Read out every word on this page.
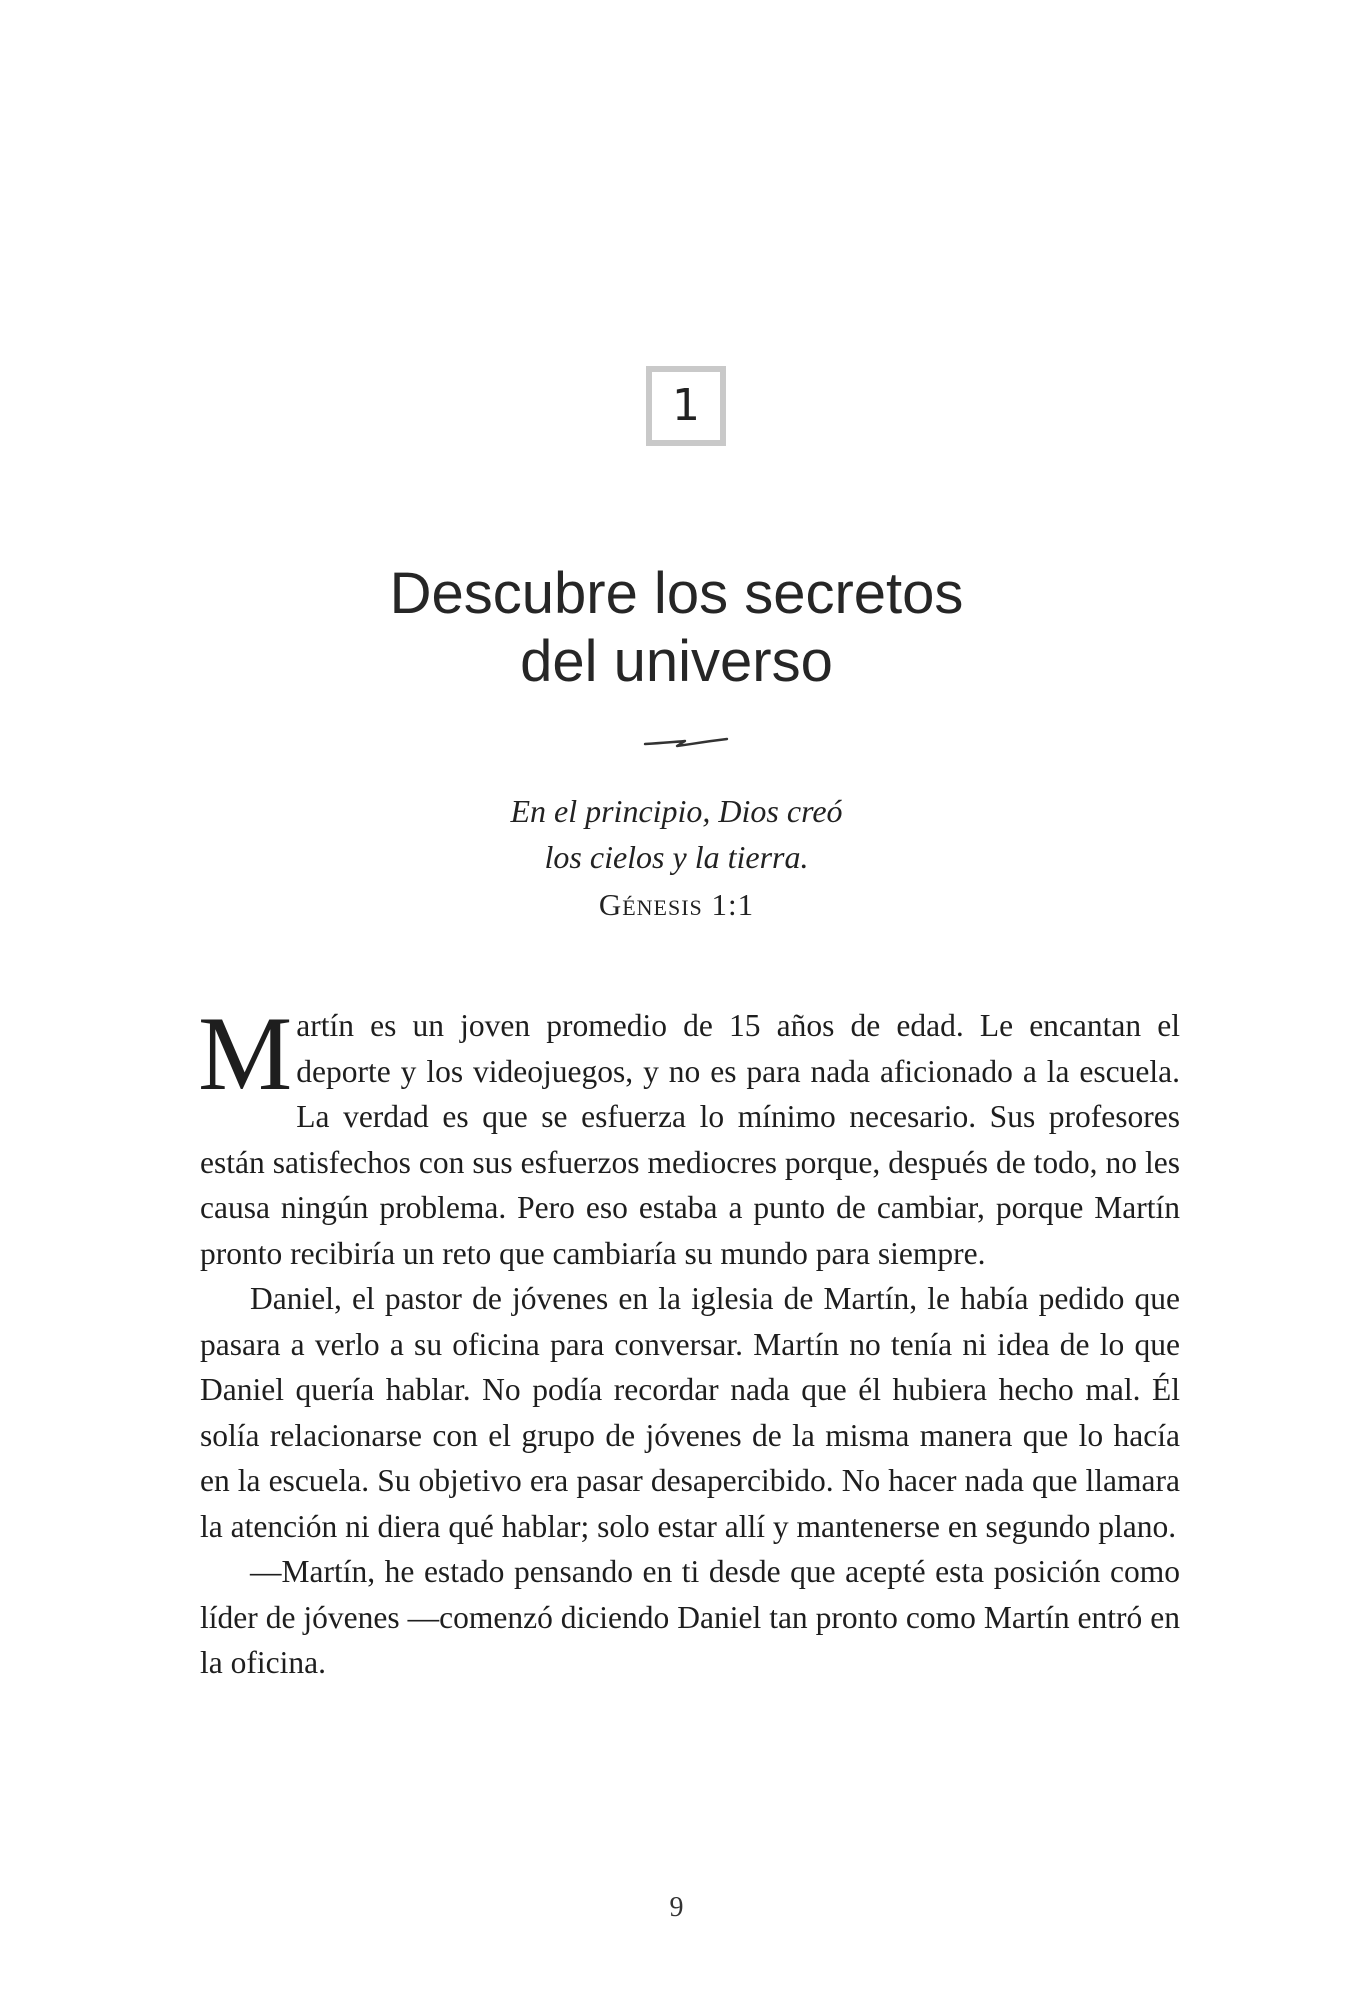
1
Descubre los secretos
del universo
En el principio, Dios creó
los cielos y la tierra.
Génesis 1:1

Martín es un joven promedio de 15 años de edad. Le encantan el deporte y los videojuegos, y no es para nada aficionado a la escuela. La verdad es que se esfuerza lo mínimo necesario. Sus profesores están satisfechos con sus esfuerzos mediocres porque, después de todo, no les causa ningún problema. Pero eso estaba a punto de cambiar, porque Martín pronto recibiría un reto que cambiaría su mundo para siempre.

Daniel, el pastor de jóvenes en la iglesia de Martín, le había pedido que pasara a verlo a su oficina para conversar. Martín no tenía ni idea de lo que Daniel quería hablar. No podía recordar nada que él hubiera hecho mal. Él solía relacionarse con el grupo de jóvenes de la misma manera que lo hacía en la escuela. Su objetivo era pasar desapercibido. No hacer nada que llamara la atención ni diera qué hablar; solo estar allí y mantenerse en segundo plano.

—Martín, he estado pensando en ti desde que acepté esta posición como líder de jóvenes —comenzó diciendo Daniel tan pronto como Martín entró en la oficina.

9
